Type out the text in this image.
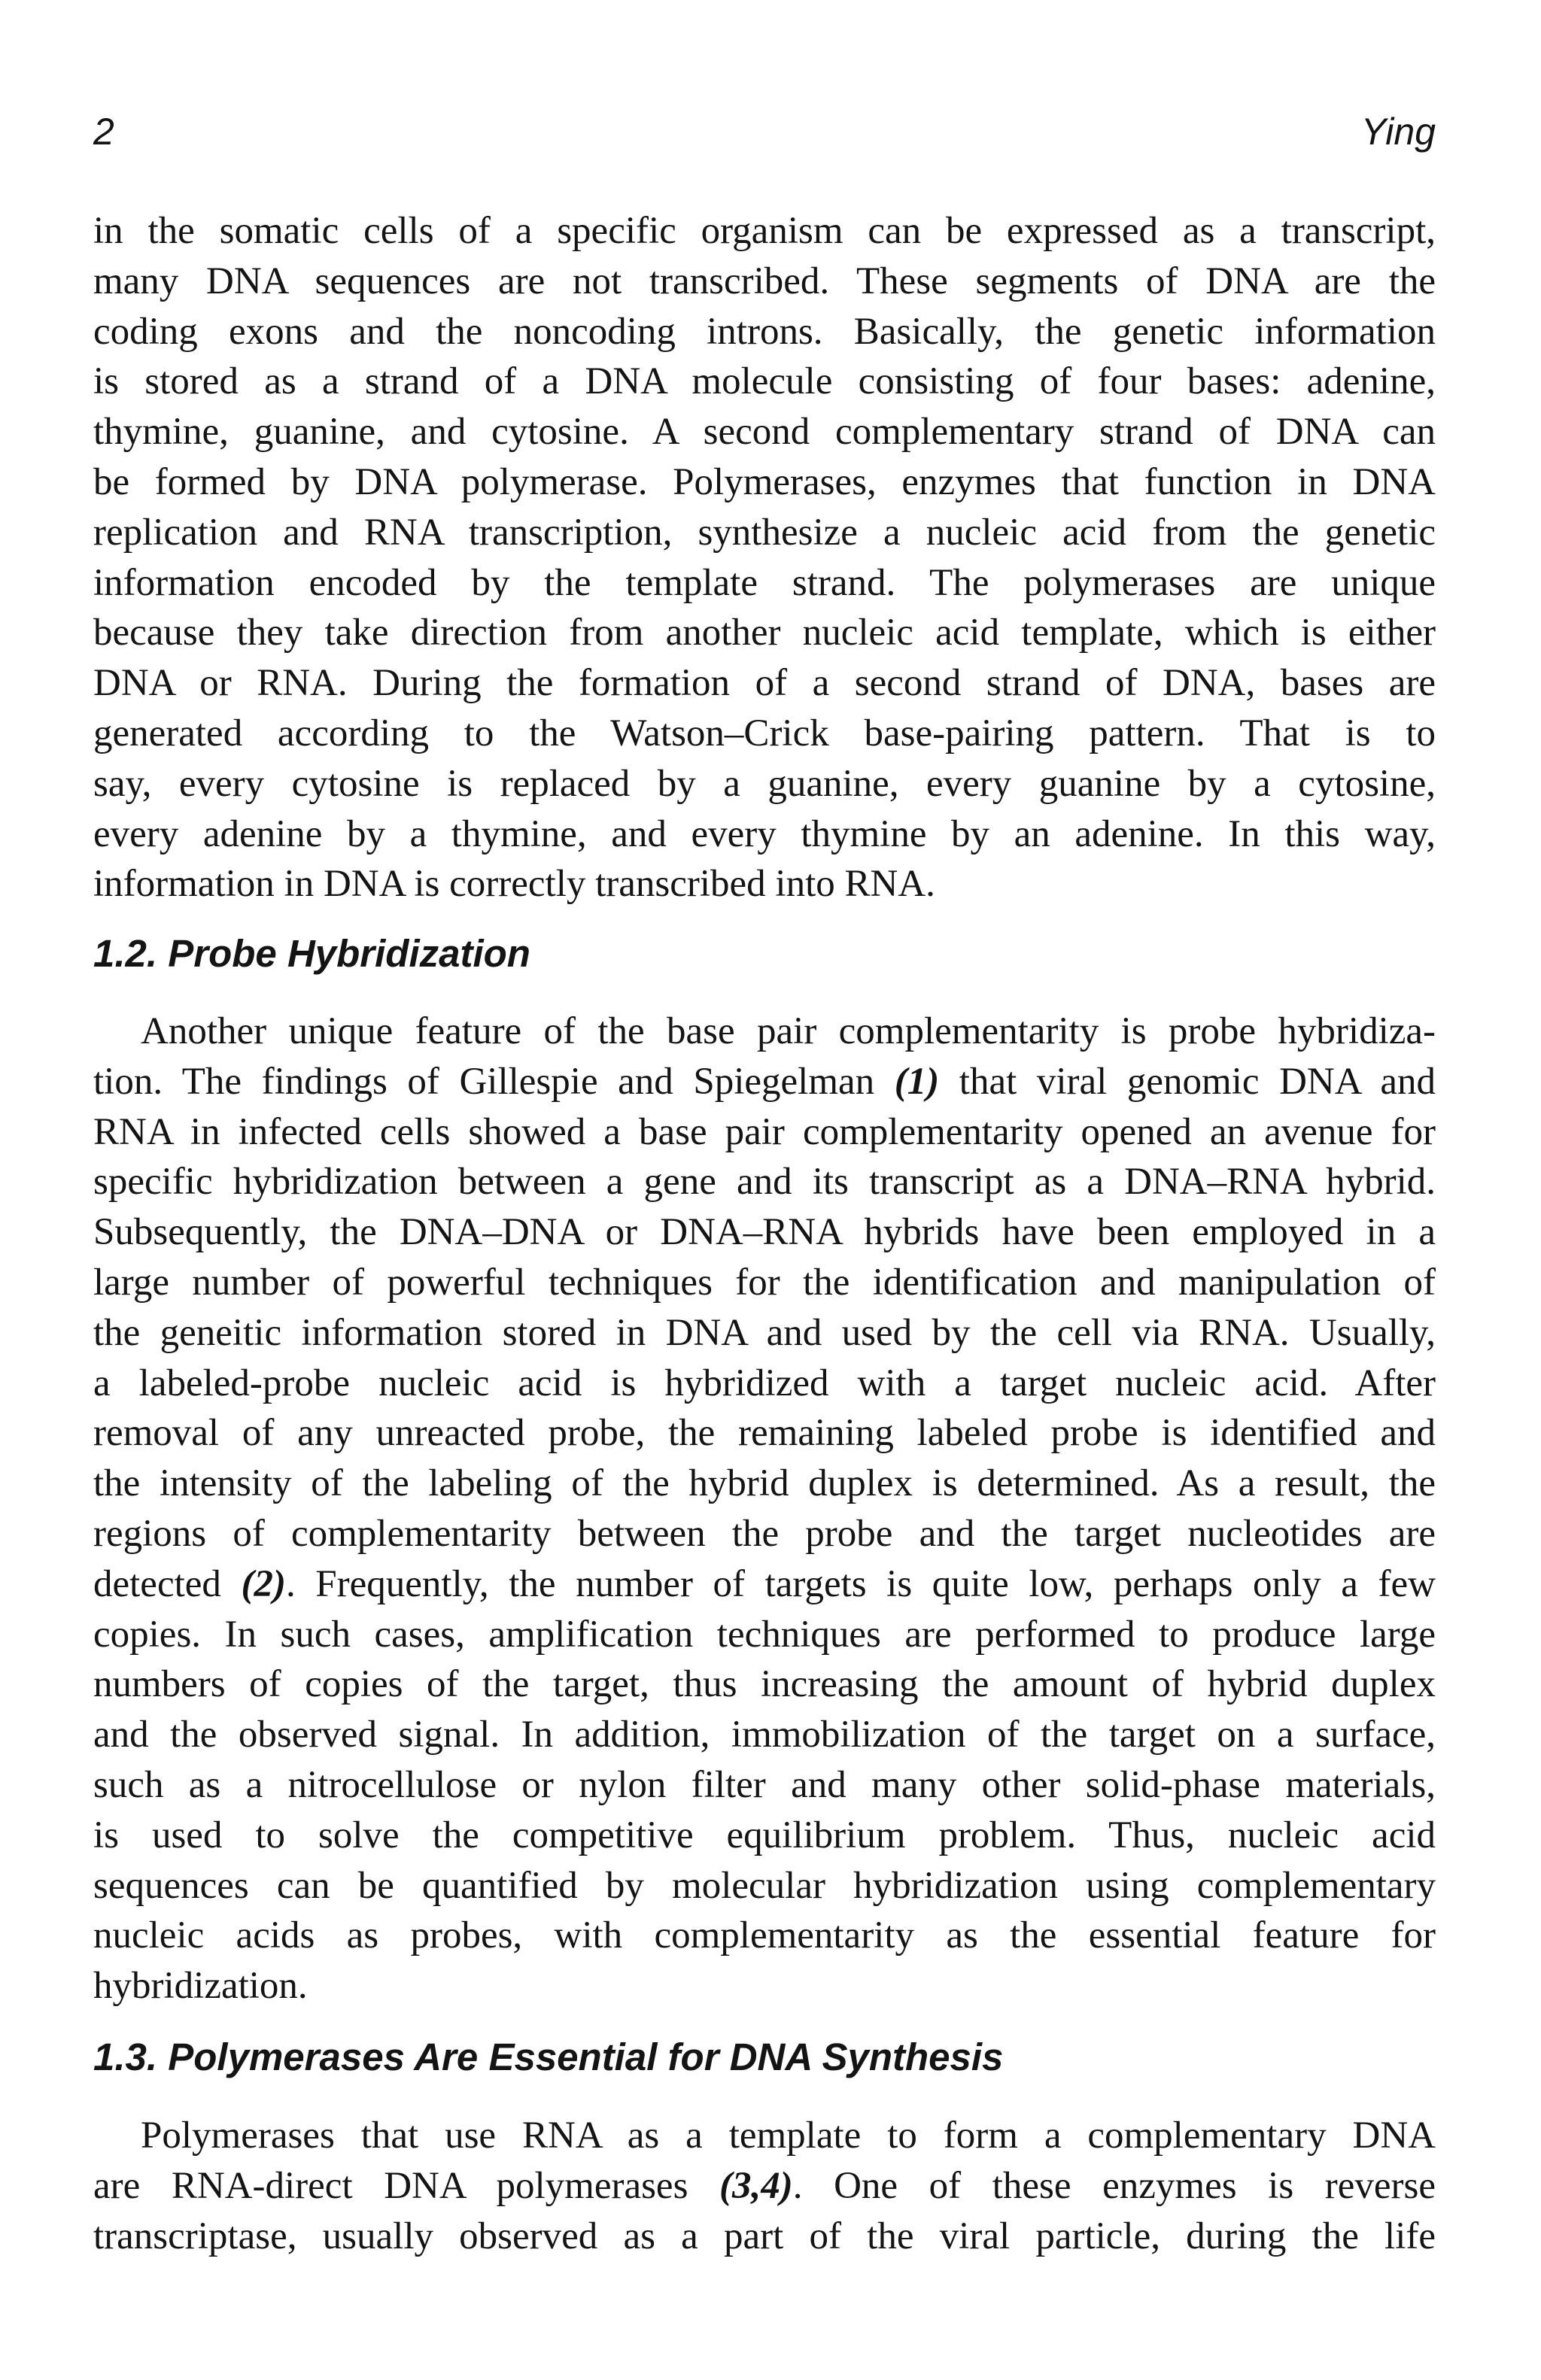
2	Ying
in the somatic cells of a specific organism can be expressed as a transcript,
many DNA sequences are not transcribed. These segments of DNA are the
coding exons and the noncoding introns. Basically, the genetic information
is stored as a strand of a DNA molecule consisting of four bases: adenine,
thymine, guanine, and cytosine. A second complementary strand of DNA can
be formed by DNA polymerase. Polymerases, enzymes that function in DNA
replication and RNA transcription, synthesize a nucleic acid from the genetic
information encoded by the template strand. The polymerases are unique
because they take direction from another nucleic acid template, which is either
DNA or RNA. During the formation of a second strand of DNA, bases are
generated according to the Watson–Crick base-pairing pattern. That is to
say, every cytosine is replaced by a guanine, every guanine by a cytosine,
every adenine by a thymine, and every thymine by an adenine. In this way,
information in DNA is correctly transcribed into RNA.
1.2. Probe Hybridization
Another unique feature of the base pair complementarity is probe hybridiza-
tion. The findings of Gillespie and Spiegelman (1) that viral genomic DNA and
RNA in infected cells showed a base pair complementarity opened an avenue for
specific hybridization between a gene and its transcript as a DNA–RNA hybrid.
Subsequently, the DNA–DNA or DNA–RNA hybrids have been employed in a
large number of powerful techniques for the identification and manipulation of
the geneitic information stored in DNA and used by the cell via RNA. Usually,
a labeled-probe nucleic acid is hybridized with a target nucleic acid. After
removal of any unreacted probe, the remaining labeled probe is identified and
the intensity of the labeling of the hybrid duplex is determined. As a result, the
regions of complementarity between the probe and the target nucleotides are
detected (2). Frequently, the number of targets is quite low, perhaps only a few
copies. In such cases, amplification techniques are performed to produce large
numbers of copies of the target, thus increasing the amount of hybrid duplex
and the observed signal. In addition, immobilization of the target on a surface,
such as a nitrocellulose or nylon filter and many other solid-phase materials,
is used to solve the competitive equilibrium problem. Thus, nucleic acid
sequences can be quantified by molecular hybridization using complementary
nucleic acids as probes, with complementarity as the essential feature for
hybridization.
1.3. Polymerases Are Essential for DNA Synthesis
Polymerases that use RNA as a template to form a complementary DNA
are RNA-direct DNA polymerases (3,4). One of these enzymes is reverse
transcriptase, usually observed as a part of the viral particle, during the life
